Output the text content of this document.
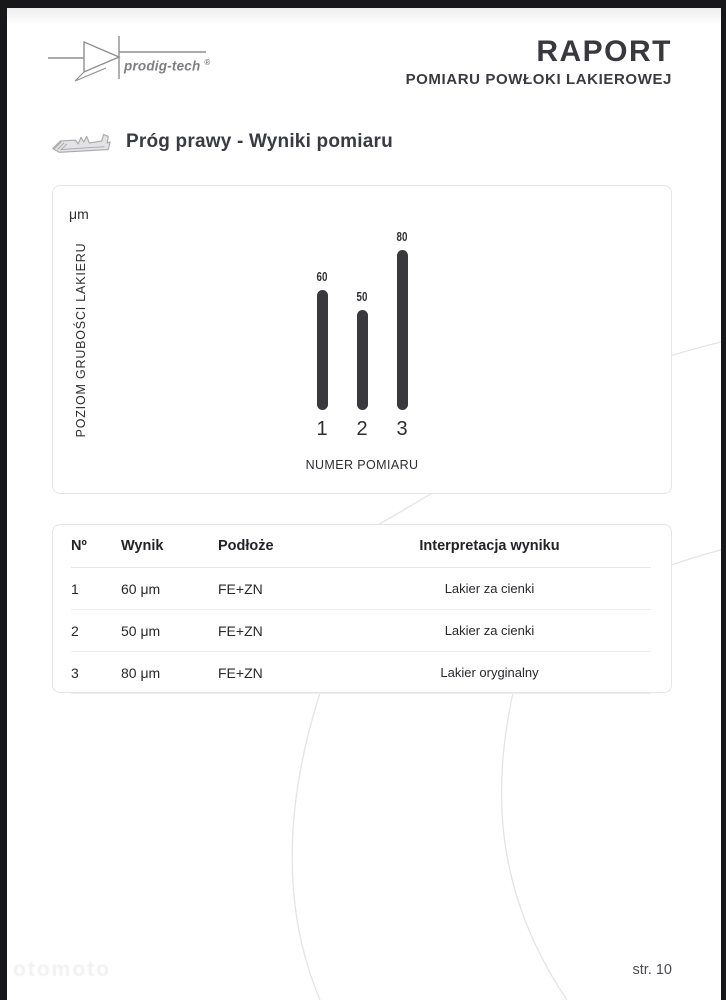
prodig-tech ®	RAPORT
POMIARU POWŁOKI LAKIEROWEJ
Próg prawy - Wyniki pomiaru
μm
POZIOM GRUBOŚCI LAKIERU	60
1
50
2
80
3
NUMER POMIARU
Nº	Wynik	Podłoże	Interpretacja wyniku
1	60 μm	FE+ZN	Lakier za cienki
2	50 μm	FE+ZN	Lakier za cienki
3	80 μm	FE+ZN	Lakier oryginalny
otomoto	str. 10
